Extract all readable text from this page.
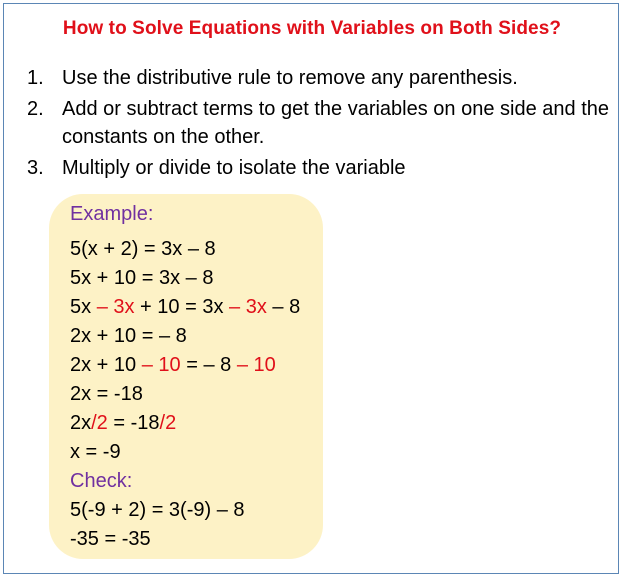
How to Solve Equations with Variables on Both Sides?
1. Use the distributive rule to remove any parenthesis.
2. Add or subtract terms to get the variables on one side and the constants on the other.
3. Multiply or divide to isolate the variable
Example:
5(x + 2) = 3x – 8
5x + 10 = 3x – 8
5x – 3x + 10 = 3x – 3x – 8
2x + 10 = – 8
2x + 10 – 10 = – 8 – 10
2x = -18
2x/2 = -18/2
x = -9
Check:
5(-9 + 2) = 3(-9) – 8
-35 = -35
